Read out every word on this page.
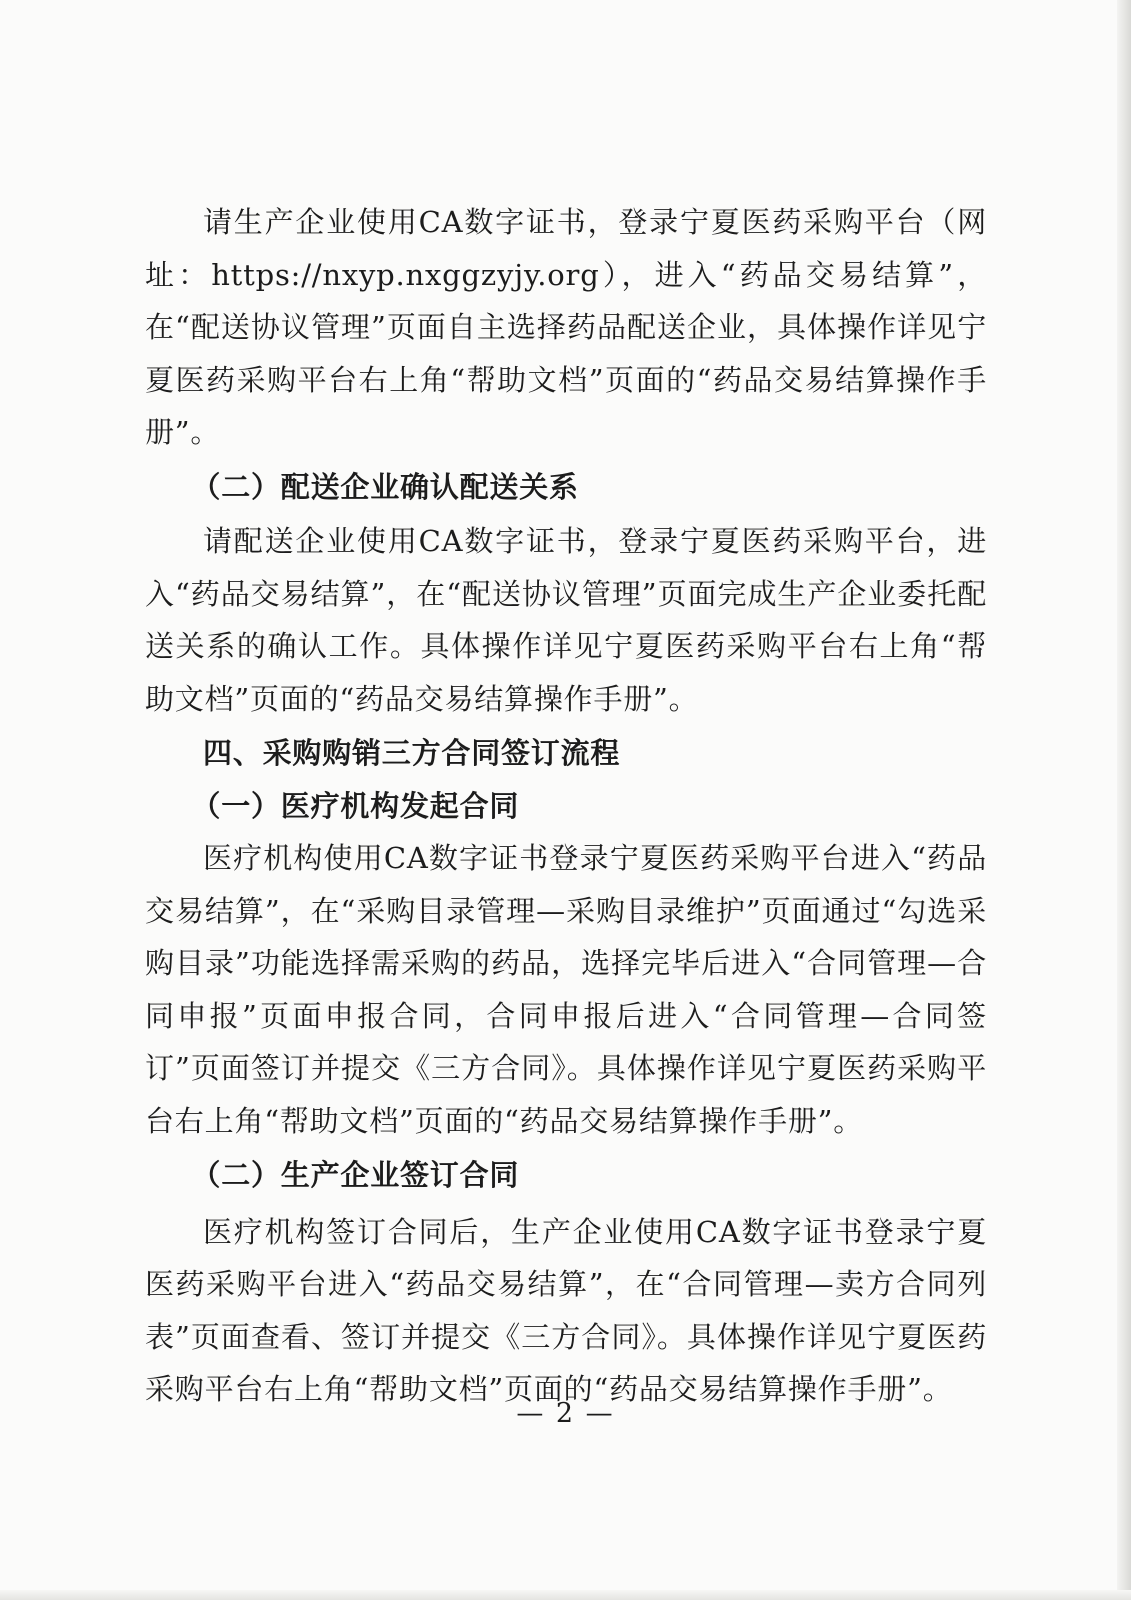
请生产企业使用CA数字证书，登录宁夏医药采购平台（网址：https://nxyp.nxggzyjy.org），进入“药品交易结算”，在“配送协议管理”页面自主选择药品配送企业，具体操作详见宁夏医药采购平台右上角“帮助文档”页面的“药品交易结算操作手册”。

（二）配送企业确认配送关系

请配送企业使用CA数字证书，登录宁夏医药采购平台，进入“药品交易结算”，在“配送协议管理”页面完成生产企业委托配送关系的确认工作。具体操作详见宁夏医药采购平台右上角“帮助文档”页面的“药品交易结算操作手册”。

四、采购购销三方合同签订流程
（一）医疗机构发起合同

医疗机构使用CA数字证书登录宁夏医药采购平台进入“药品交易结算”，在“采购目录管理—采购目录维护”页面通过“勾选采购目录”功能选择需采购的药品，选择完毕后进入“合同管理—合同申报”页面申报合同，合同申报后进入“合同管理—合同签订”页面签订并提交《三方合同》。具体操作详见宁夏医药采购平台右上角“帮助文档”页面的“药品交易结算操作手册”。

（二）生产企业签订合同

医疗机构签订合同后，生产企业使用CA数字证书登录宁夏医药采购平台进入“药品交易结算”，在“合同管理—卖方合同列表”页面查看、签订并提交《三方合同》。具体操作详见宁夏医药采购平台右上角“帮助文档”页面的“药品交易结算操作手册”。

— 2 —
